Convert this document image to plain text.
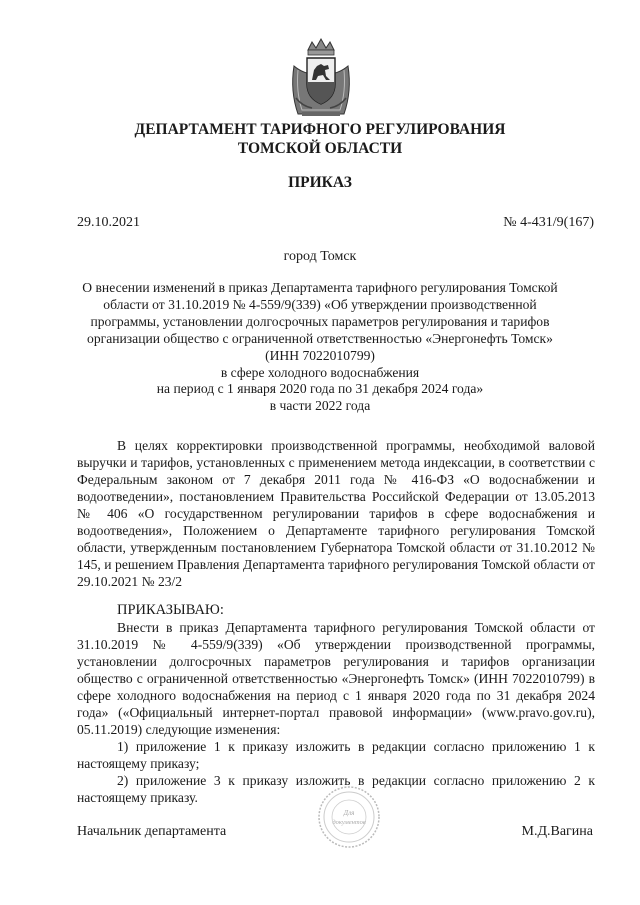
ДЕПАРТАМЕНТ ТАРИФНОГО РЕГУЛИРОВАНИЯ
ТОМСКОЙ ОБЛАСТИ
ПРИКАЗ
29.10.2021	№ 4-431/9(167)
город Томск
О внесении изменений в приказ Департамента тарифного регулирования Томской
области от 31.10.2019 № 4-559/9(339) «Об утверждении производственной
программы, установлении долгосрочных параметров регулирования и тарифов
организации общество с ограниченной ответственностью «Энергонефть Томск»
(ИНН 7022010799)
в сфере холодного водоснабжения
на период с 1 января 2020 года по 31 декабря 2024 года»
в части 2022 года
В целях корректировки производственной программы, необходимой валовой выручки и тарифов, установленных с применением метода индексации, в соответствии с Федеральным законом от 7 декабря 2011 года № 416-ФЗ «О водоснабжении и водоотведении», постановлением Правительства Российской Федерации от 13.05.2013 № 406 «О государственном регулировании тарифов в сфере водоснабжения и водоотведения», Положением о Департаменте тарифного регулирования Томской области, утвержденным постановлением Губернатора Томской области от 31.10.2012 № 145, и решением Правления Департамента тарифного регулирования Томской области от 29.10.2021 № 23/2
ПРИКАЗЫВАЮ:
Внести в приказ Департамента тарифного регулирования Томской области от 31.10.2019 № 4-559/9(339) «Об утверждении производственной программы, установлении долгосрочных параметров регулирования и тарифов организации общество с ограниченной ответственностью «Энергонефть Томск» (ИНН 7022010799) в сфере холодного водоснабжения на период с 1 января 2020 года по 31 декабря 2024 года» («Официальный интернет-портал правовой информации» (www.pravo.gov.ru), 05.11.2019) следующие изменения:
1) приложение 1 к приказу изложить в редакции согласно приложению 1 к настоящему приказу;
2) приложение 3 к приказу изложить в редакции согласно приложению 2 к настоящему приказу.
Для
документов
Начальник департамента	М.Д.Вагина
